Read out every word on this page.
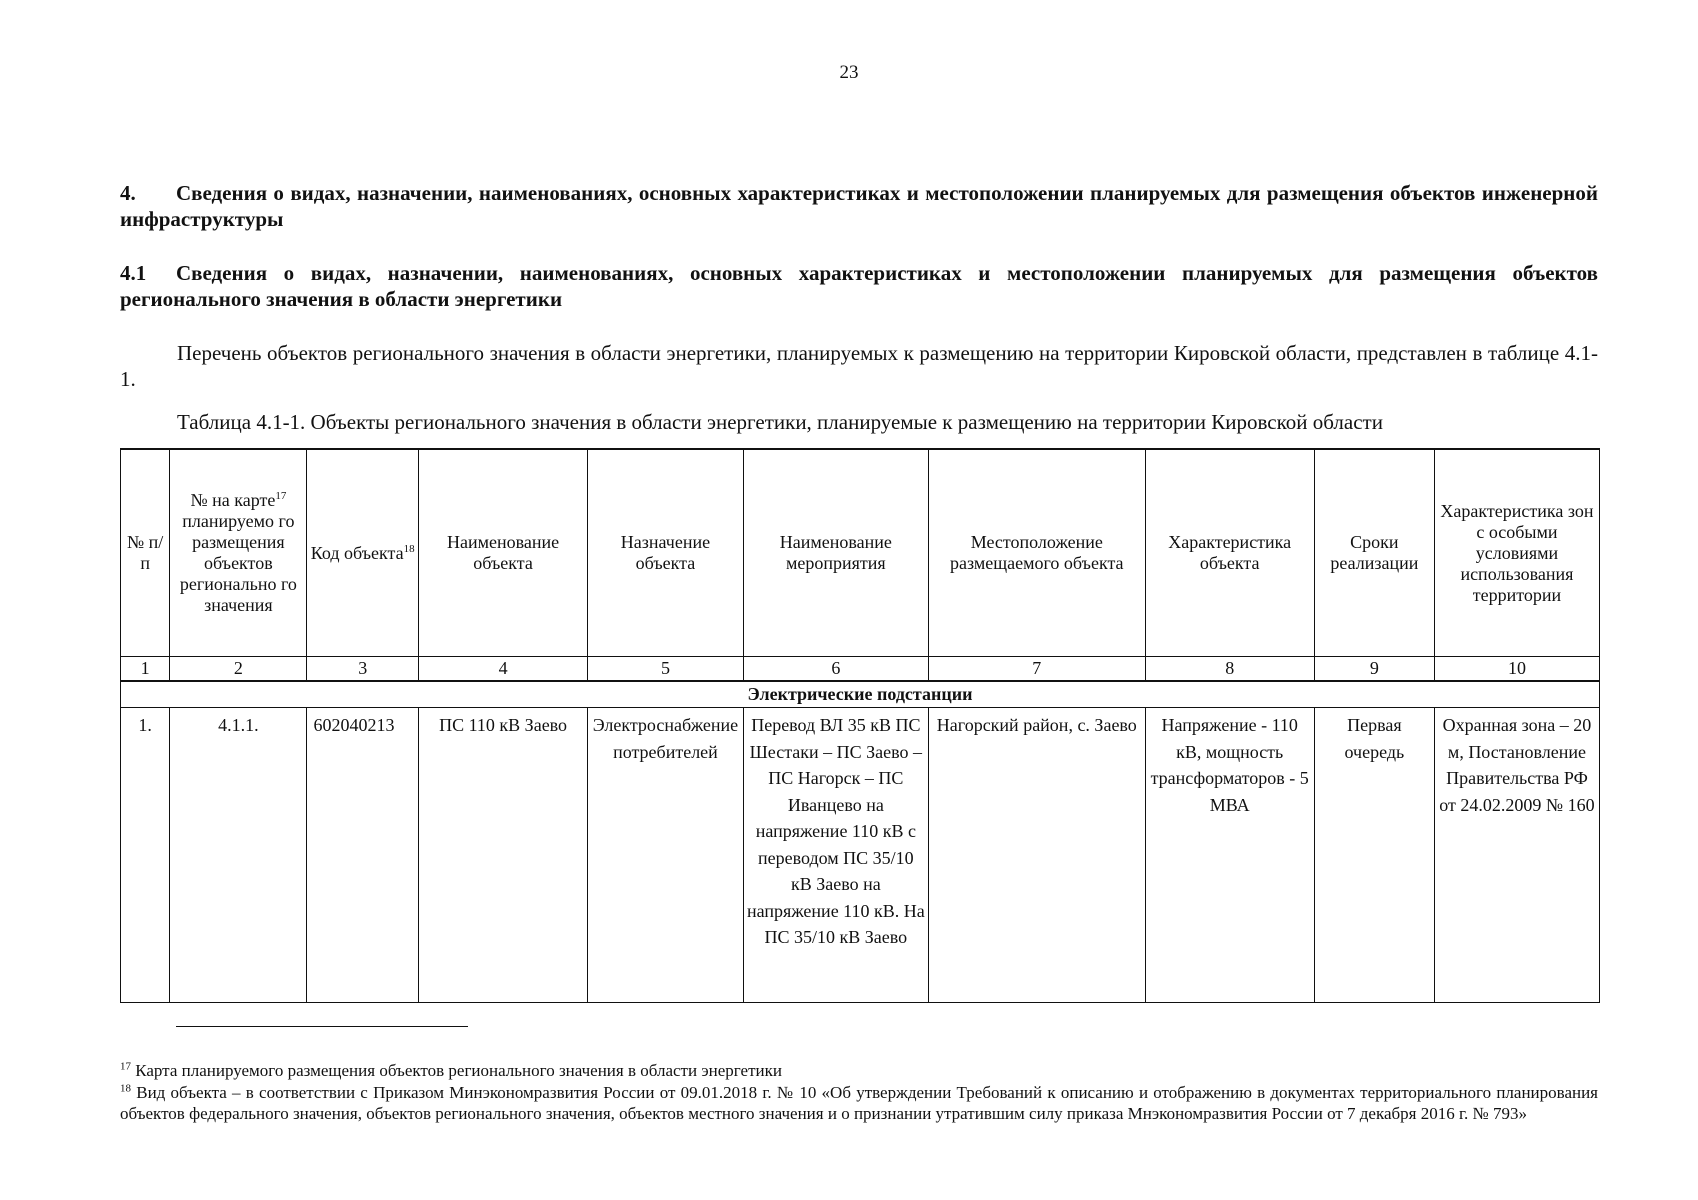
23
4. Сведения о видах, назначении, наименованиях, основных характеристиках и местоположении планируемых для размещения объектов инженерной инфраструктуры
4.1 Сведения о видах, назначении, наименованиях, основных характеристиках и местоположении планируемых для размещения объектов регионального значения в области энергетики
Перечень объектов регионального значения в области энергетики, планируемых к размещению на территории Кировской области, представлен в таблице 4.1-1.
Таблица 4.1-1. Объекты регионального значения в области энергетики, планируемые к размещению на территории Кировской области
№ п/п	№ на карте$^{17}$ планируемо го размещения объектов регионально го значения	Код объекта$^{18}$	Наименование объекта	Назначение объекта	Наименование мероприятия	Местоположение размещаемого объекта	Характеристика объекта	Сроки реализации	Характеристика зон с особыми условиями использования территории
1	2	3	4	5	6	7	8	9	10
Электрические подстанции									
1.	4.1.1.	602040213	ПС 110 кВ Заево	Электроснабжение потребителей	Перевод ВЛ 35 кВ ПС Шестаки – ПС Заево – ПС Нагорск – ПС Иванцево на напряжение 110 кВ с переводом ПС 35/10 кВ Заево на напряжение 110 кВ. На ПС 35/10 кВ Заево	Нагорский район, с. Заево	Напряжение - 110 кВ, мощность трансформаторов - 5 МВА	Первая очередь	Охранная зона – 20 м, Постановление Правительства РФ от 24.02.2009 № 160
$^{17}$ Карта планируемого размещения объектов регионального значения в области энергетики
$^{18}$ Вид объекта – в соответствии с Приказом Минэкономразвития России от 09.01.2018 г. № 10 «Об утверждении Требований к описанию и отображению в документах территориального планирования объектов федерального значения, объектов регионального значения, объектов местного значения и о признании утратившим силу приказа Мнэкономразвития России от 7 декабря 2016 г. № 793»
